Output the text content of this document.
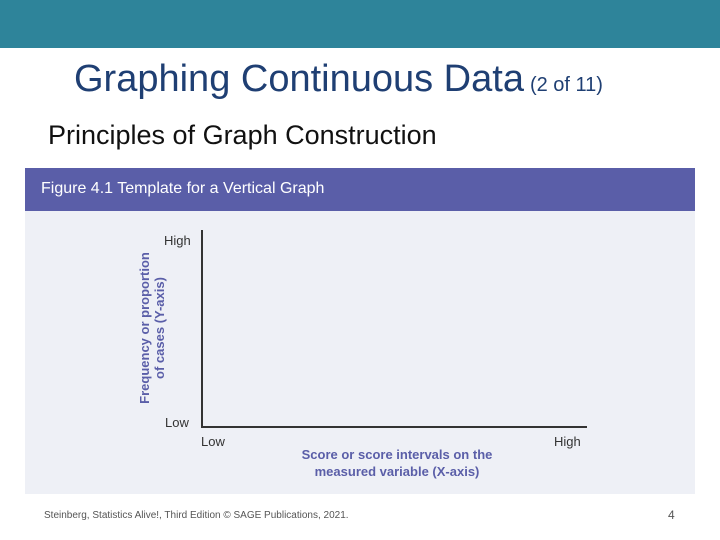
Graphing Continuous Data (2 of 11)
Principles of Graph Construction
Figure 4.1 Template for a Vertical Graph
Frequency or proportion of cases (Y-axis)
High
Low
Low	High
Score or score intervals on the
measured variable (X-axis)
Steinberg, Statistics Alive!, Third Edition © SAGE Publications, 2021.	4
